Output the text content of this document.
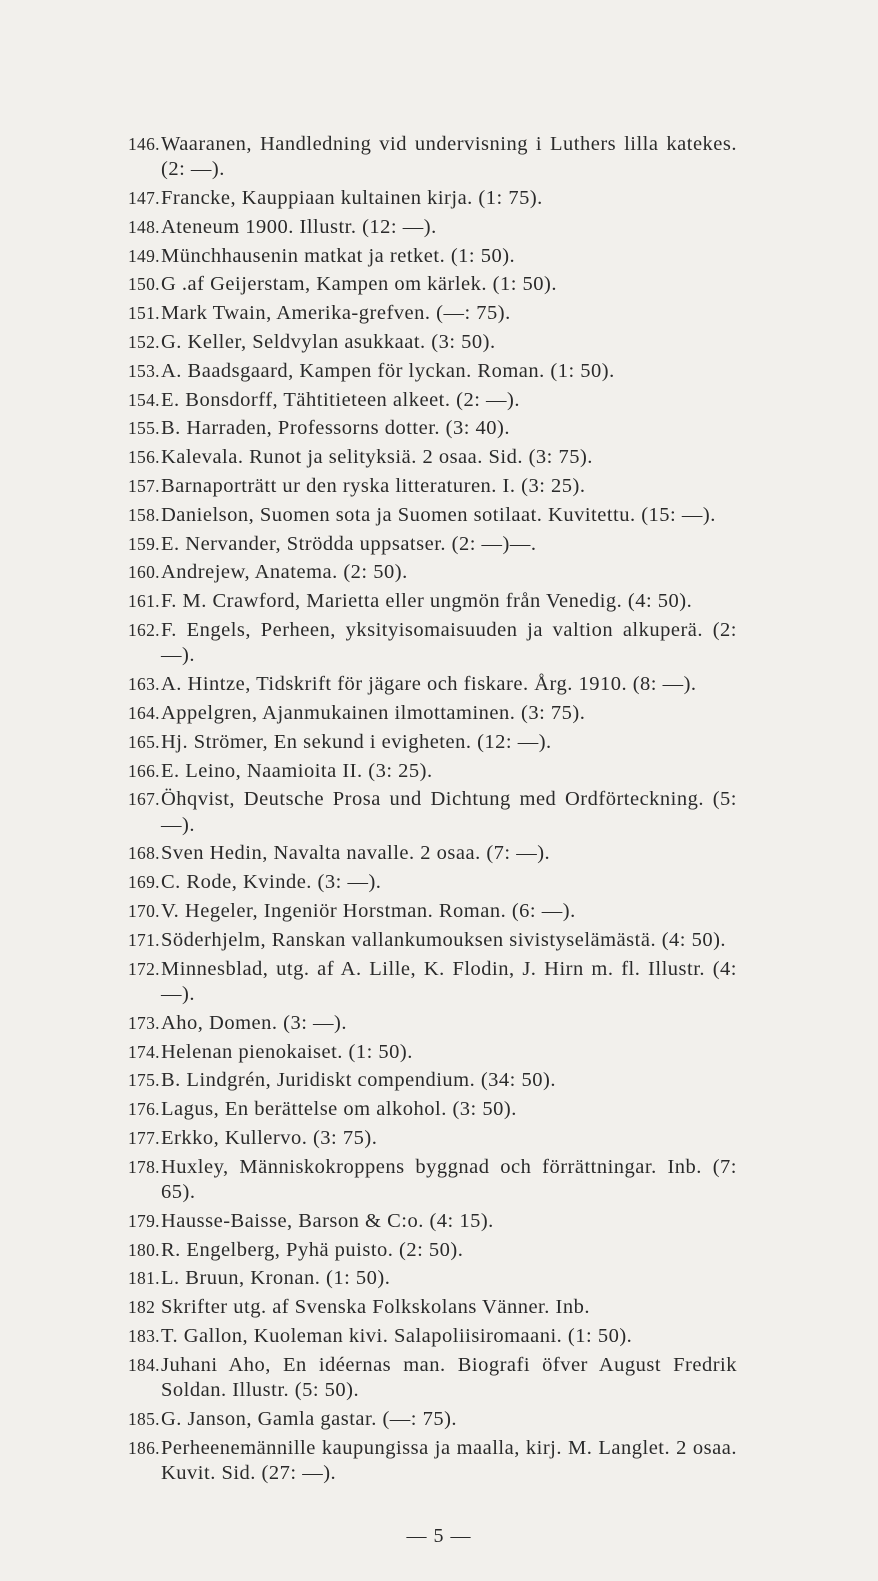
146. Waaranen, Handledning vid undervisning i Luthers lilla katekes. (2: —).
147. Francke, Kauppiaan kultainen kirja. (1: 75).
148. Ateneum 1900. Illustr. (12: —).
149. Münchhausenin matkat ja retket. (1: 50).
150. G .af Geijerstam, Kampen om kärlek. (1: 50).
151. Mark Twain, Amerika-grefven. (—: 75).
152. G. Keller, Seldvylan asukkaat. (3: 50).
153. A. Baadsgaard, Kampen för lyckan. Roman. (1: 50).
154. E. Bonsdorff, Tähtitieteen alkeet. (2: —).
155. B. Harraden, Professorns dotter. (3: 40).
156. Kalevala. Runot ja selityksiä. 2 osaa. Sid. (3: 75).
157. Barnaporträtt ur den ryska litteraturen. I. (3: 25).
158. Danielson, Suomen sota ja Suomen sotilaat. Kuvitettu. (15: —).
159. E. Nervander, Strödda uppsatser. (2: —)—.
160. Andrejew, Anatema. (2: 50).
161. F. M. Crawford, Marietta eller ungmön från Venedig. (4: 50).
162. F. Engels, Perheen, yksityisomaisuuden ja valtion alkuperä. (2: —).
163. A. Hintze, Tidskrift för jägare och fiskare. Årg. 1910. (8: —).
164. Appelgren, Ajanmukainen ilmottaminen. (3: 75).
165. Hj. Strömer, En sekund i evigheten. (12: —).
166. E. Leino, Naamioita II. (3: 25).
167. Öhqvist, Deutsche Prosa und Dichtung med Ordförteckning. (5: —).
168. Sven Hedin, Navalta navalle. 2 osaa. (7: —).
169. C. Rode, Kvinde. (3: —).
170. V. Hegeler, Ingeniör Horstman. Roman. (6: —).
171. Söderhjelm, Ranskan vallankumouksen sivistyselämästä. (4: 50).
172. Minnesblad, utg. af A. Lille, K. Flodin, J. Hirn m. fl. Illustr. (4: —).
173. Aho, Domen. (3: —).
174. Helenan pienokaiset. (1: 50).
175. B. Lindgrén, Juridiskt compendium. (34: 50).
176. Lagus, En berättelse om alkohol. (3: 50).
177. Erkko, Kullervo. (3: 75).
178. Huxley, Människokroppens byggnad och förrättningar. Inb. (7: 65).
179. Hausse-Baisse, Barson & C:o. (4: 15).
180. R. Engelberg, Pyhä puisto. (2: 50).
181. L. Bruun, Kronan. (1: 50).
182 Skrifter utg. af Svenska Folkskolans Vänner. Inb.
183. T. Gallon, Kuoleman kivi. Salapoliisiromaani. (1: 50).
184. Juhani Aho, En idéernas man. Biografi öfver August Fredrik Soldan. Illustr. (5: 50).
185. G. Janson, Gamla gastar. (—: 75).
186. Perheenemännille kaupungissa ja maalla, kirj. M. Langlet. 2 osaa. Kuvit. Sid. (27: —).
— 5 —
